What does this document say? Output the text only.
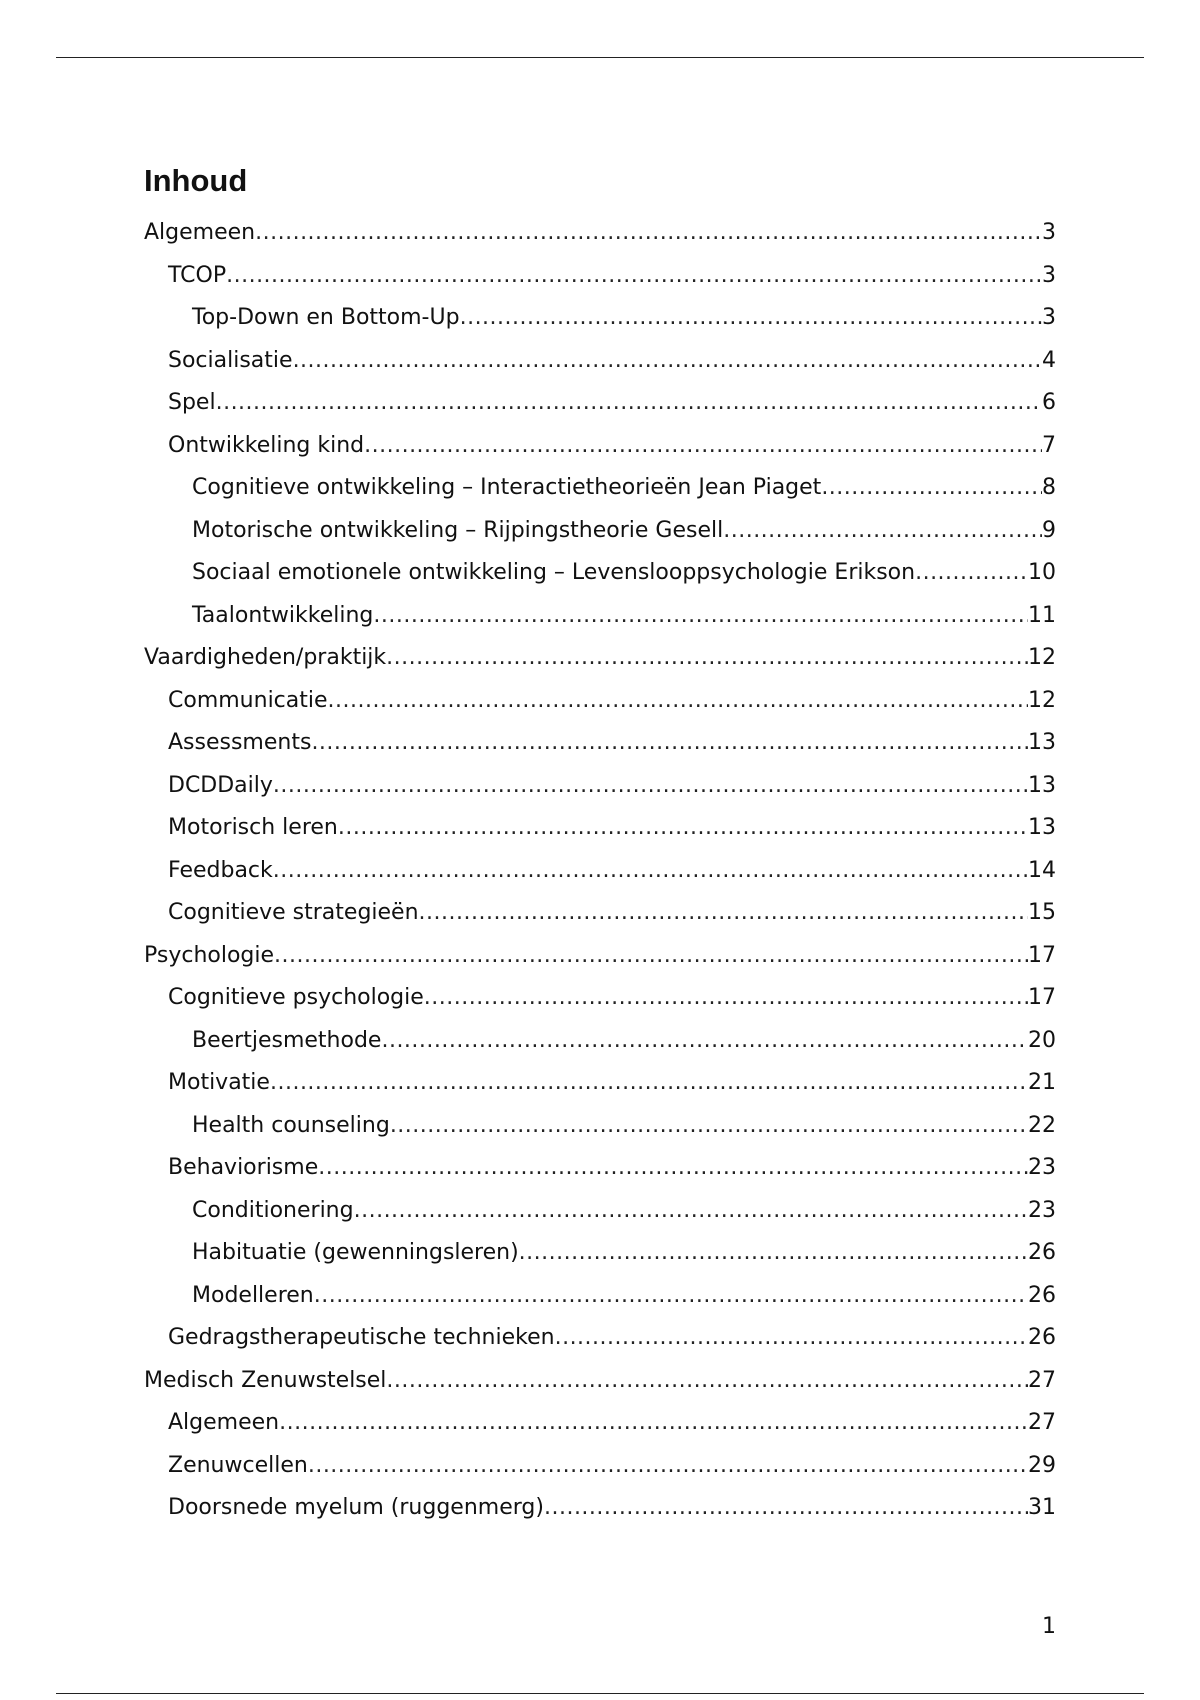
Inhoud
Algemeen .....	3
TCOP .....	3
Top-Down en Bottom-Up .....	3
Socialisatie .....	4
Spel .....	6
Ontwikkeling kind .....	7
Cognitieve ontwikkeling – Interactietheorieën Jean Piaget .....	8
Motorische ontwikkeling – Rijpingstheorie Gesell .....	9
Sociaal emotionele ontwikkeling – Levenslooppsychologie Erikson .....	10
Taalontwikkeling .....	11
Vaardigheden/praktijk .....	12
Communicatie .....	12
Assessments .....	13
DCDDaily .....	13
Motorisch leren .....	13
Feedback .....	14
Cognitieve strategieën .....	15
Psychologie .....	17
Cognitieve psychologie .....	17
Beertjesmethode .....	20
Motivatie .....	21
Health counseling .....	22
Behaviorisme .....	23
Conditionering .....	23
Habituatie (gewenningsleren) .....	26
Modelleren .....	26
Gedragstherapeutische technieken .....	26
Medisch Zenuwstelsel .....	27
Algemeen .....	27
Zenuwcellen .....	29
Doorsnede myelum (ruggenmerg) .....	31
1
